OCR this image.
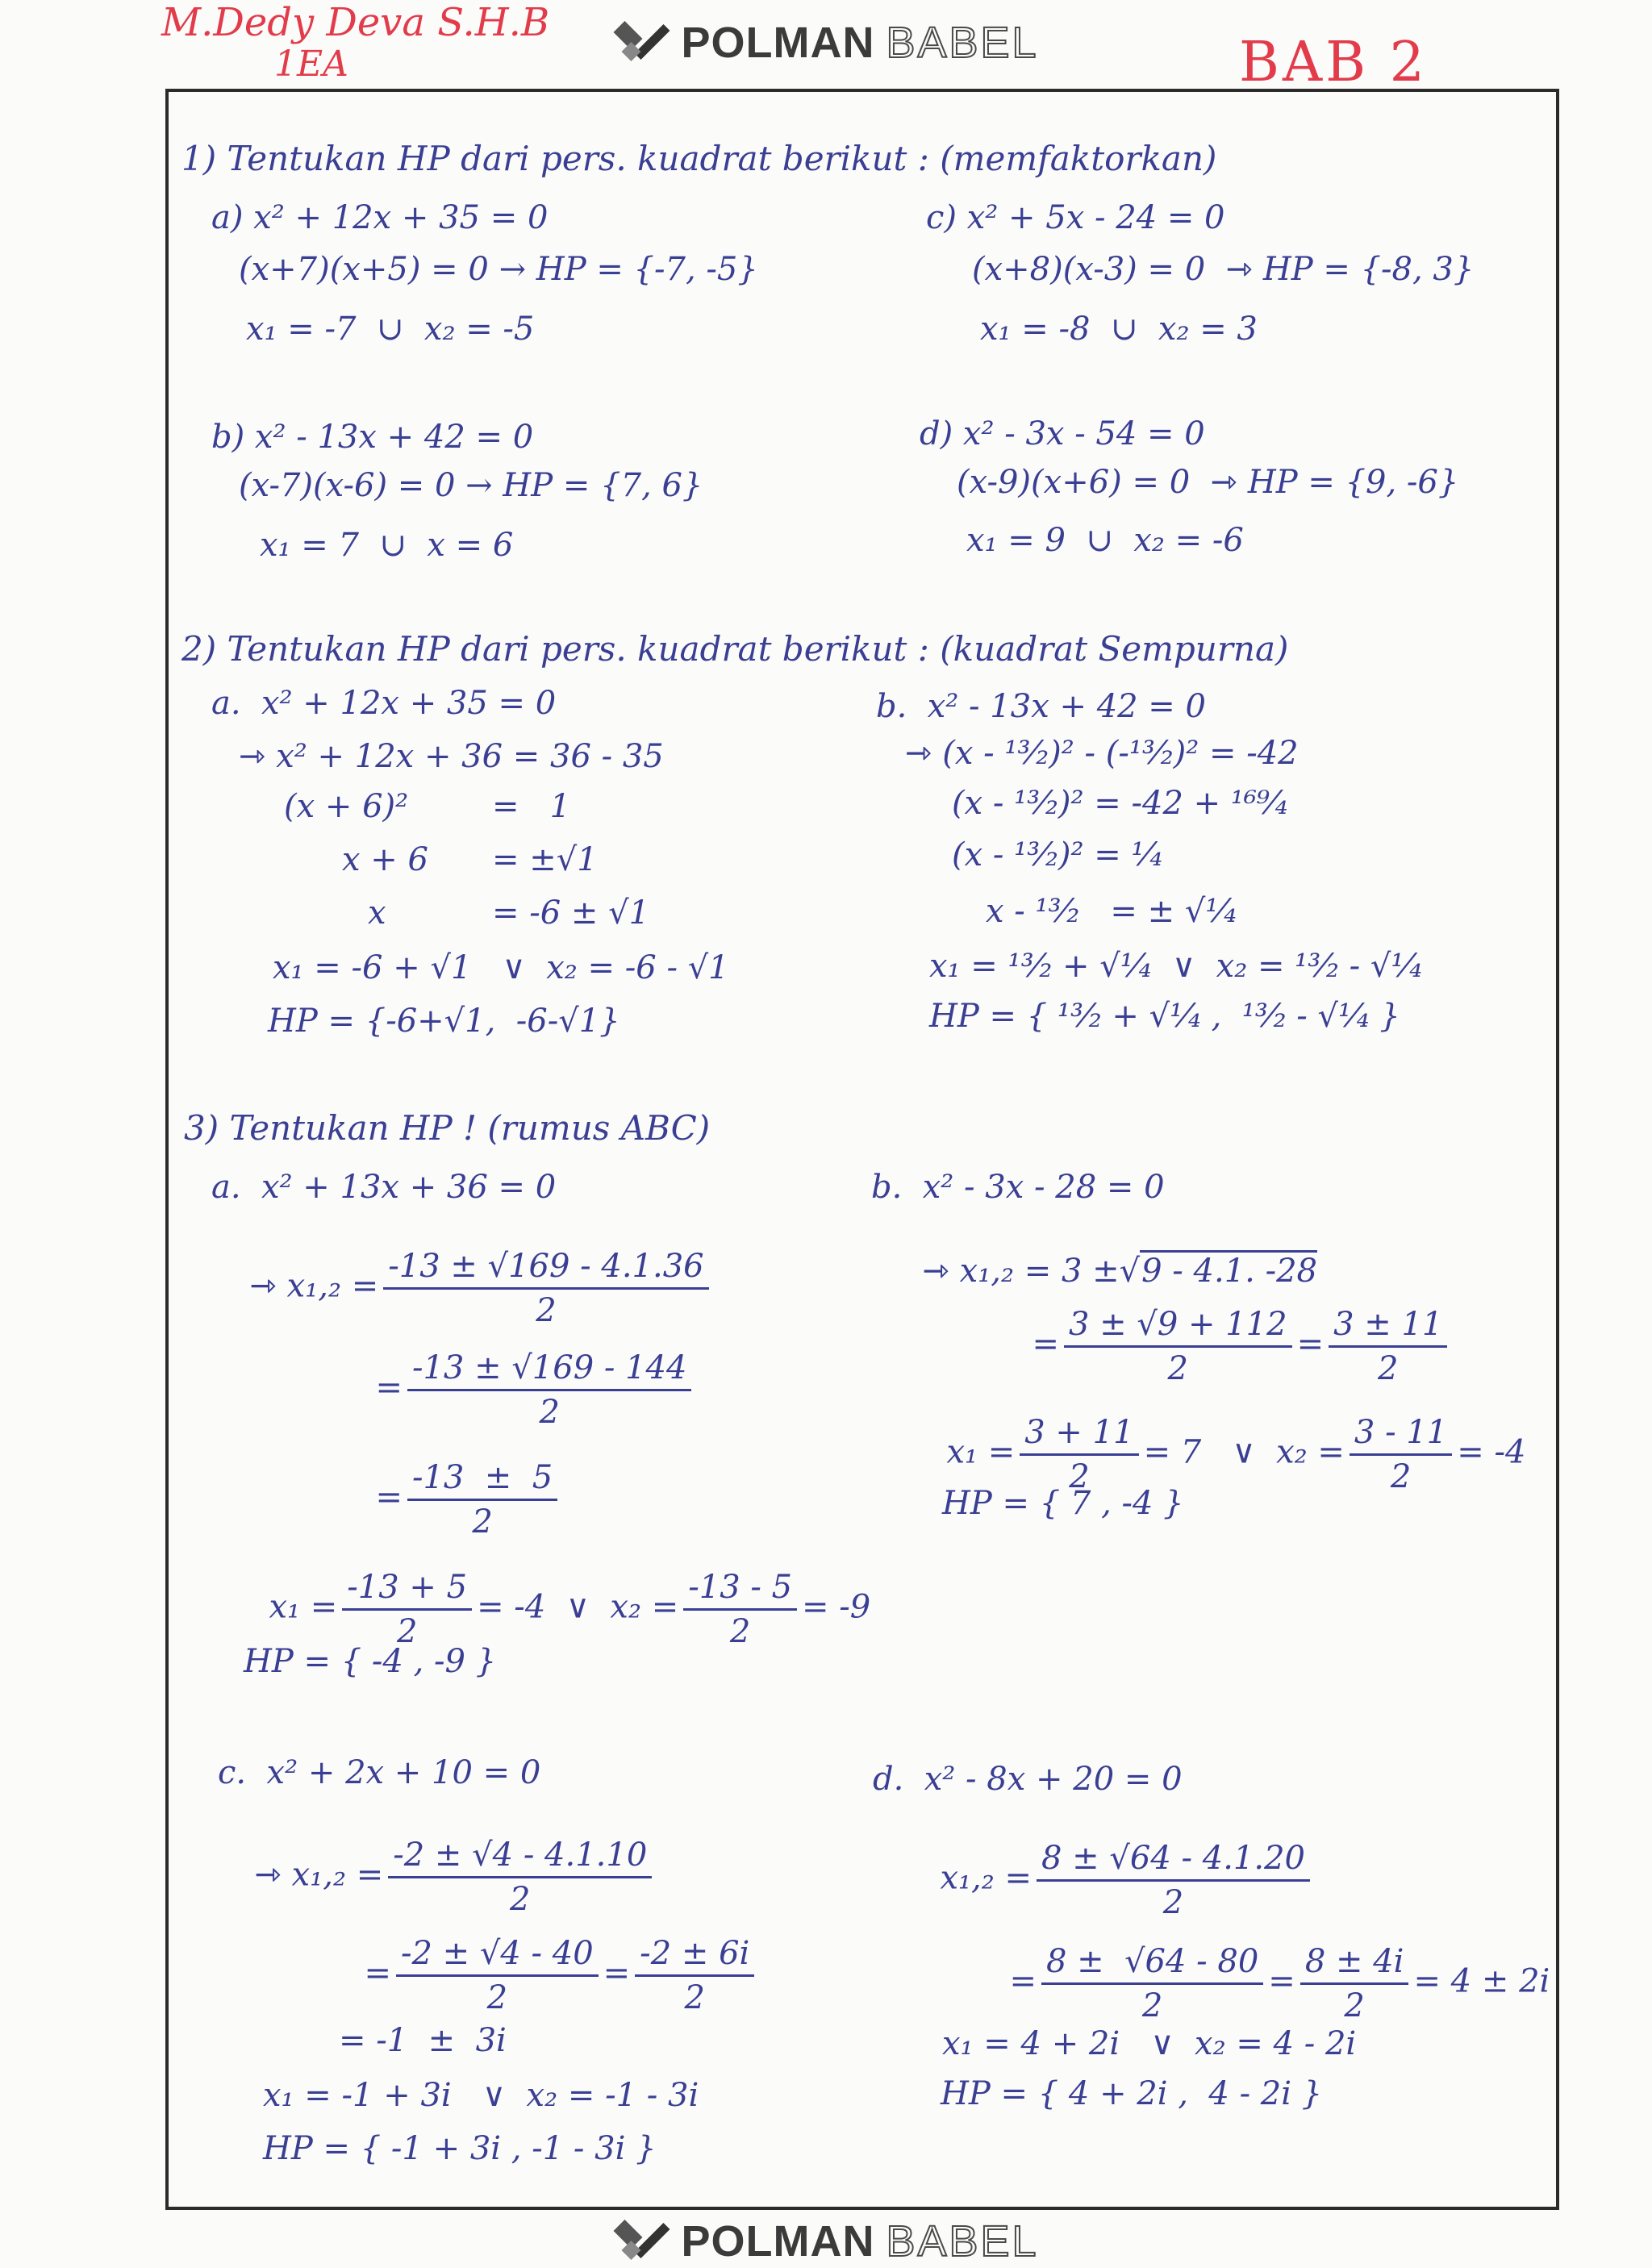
M.Dedy Deva S.H.B
1EA	BAB 2
POLMAN BABEL
1) Tentukan HP dari pers. kuadrat berikut : (memfaktorkan)
a) x² + 12x + 35 = 0
(x+7)(x+5) = 0 → HP = {-7, -5}
x₁ = -7  ∪  x₂ = -5
b) x² - 13x + 42 = 0
(x-7)(x-6) = 0 → HP = {7, 6}
x₁ = 7  ∪  x = 6
c) x² + 5x - 24 = 0
(x+8)(x-3) = 0  ⇾ HP = {-8, 3}
x₁ = -8  ∪  x₂ = 3
d) x² - 3x - 54 = 0
(x-9)(x+6) = 0  ⇾ HP = {9, -6}
x₁ = 9  ∪  x₂ = -6
2) Tentukan HP dari pers. kuadrat berikut : (kuadrat Sempurna)
a.  x² + 12x + 35 = 0
⇾ x² + 12x + 36 = 36 - 35
(x + 6)²	=   1
x + 6 = ±√1
x	= -6 ± √1
x₁ = -6 + √1   ∨  x₂ = -6 - √1
HP = {-6+√1,  -6-√1}
b.  x² - 13x + 42 = 0
⇾ (x - ¹³⁄₂)² - (-¹³⁄₂)² = -42
(x - ¹³⁄₂)² = -42 + ¹⁶⁹⁄₄
(x - ¹³⁄₂)² = ¹⁄₄
x - ¹³⁄₂   = ± √¹⁄₄
x₁ = ¹³⁄₂ + √¹⁄₄  ∨  x₂ = ¹³⁄₂ - √¹⁄₄
HP = { ¹³⁄₂ + √¹⁄₄ ,  ¹³⁄₂ - √¹⁄₄ }
3) Tentukan HP ! (rumus ABC)
a.  x² + 13x + 36 = 0

⇾ $x_1,_2 = \frac{-13 \pm √169 - 4.1.36}{2}$

= $\frac{-13 \pm √169 - 144}{2}$

= $\frac{-13 \pm 5}{2}$

$x_1 = \frac{-13 + 5}{2} = -4$  ∨  $x_2 = \frac{-13 - 5}{2} = -9$

HP = { -4 , -9 }
b.  x² - 3x - 28 = 0

⇾ x₁,₂ = 3 ±√9 - 4.1. -28

= $\frac{3 \pm √9 + 112}{2} = \frac{3 \pm 11}{2}$

$x_1 = \frac{3 + 11}{2} = 7$   ∨  $x_2 = \frac{3 - 11}{2} = -4$

HP = { 7 , -4 }
c.  x² + 2x + 10 = 0

⇾ $x_1,_2 = \frac{-2 \pm √4 - 4.1.10}{2}$

= $\frac{-2 \pm √4 - 40}{2} = \frac{-2 \pm 6i}{2}$

= -1  ±  3i
x₁ = -1 + 3i   ∨  x₂ = -1 - 3i
HP = { -1 + 3i , -1 - 3i }
d.  x² - 8x + 20 = 0

$x_1,_2 = \frac{8 \pm √64 - 4.1.20}{2}$

= $\frac{8 \pm √64 - 80}{2} = \frac{8 \pm 4i}{2} = 4 \pm 2i$

x₁ = 4 + 2i   ∨  x₂ = 4 - 2i
HP = { 4 + 2i ,  4 - 2i }
POLMAN BABEL
